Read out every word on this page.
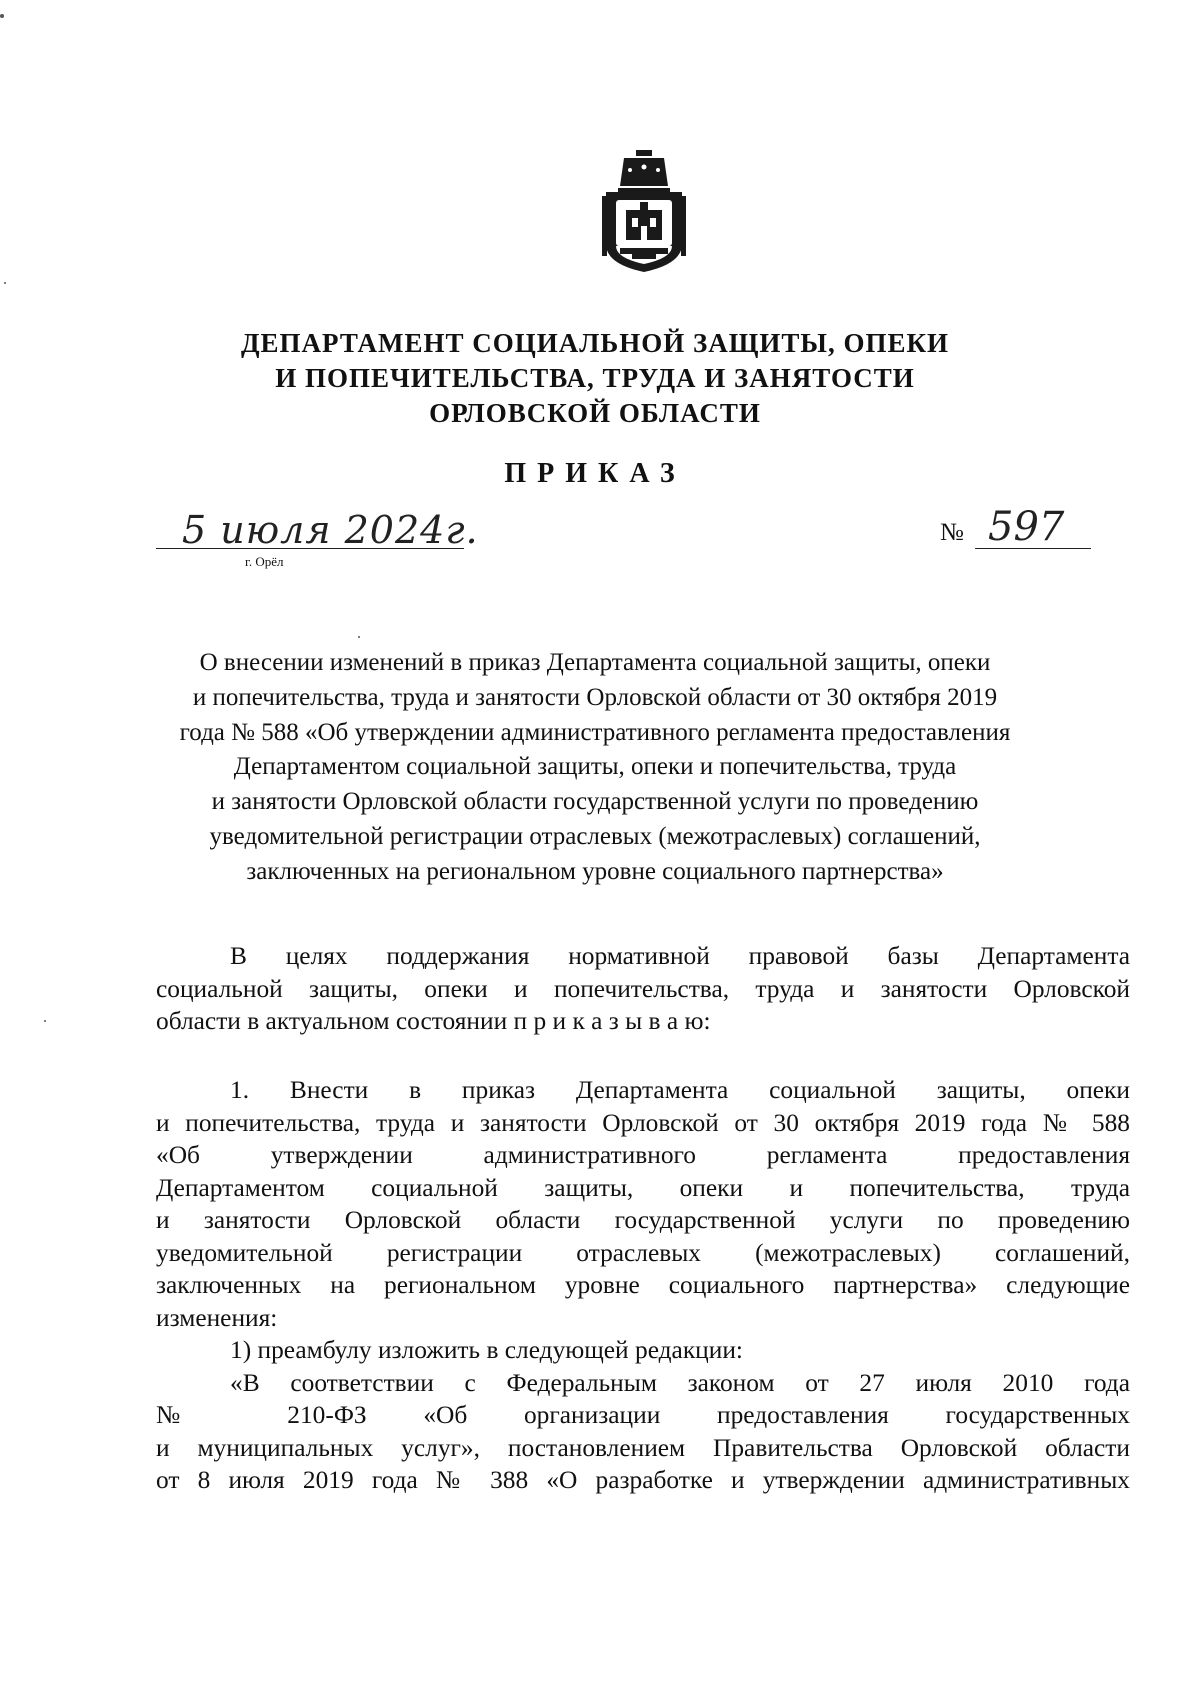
ДЕПАРТАМЕНТ СОЦИАЛЬНОЙ ЗАЩИТЫ, ОПЕКИ
И ПОПЕЧИТЕЛЬСТВА, ТРУДА И ЗАНЯТОСТИ
ОРЛОВСКОЙ ОБЛАСТИ
ПРИКАЗ
5 июля 2024г.
г. Орёл
№ 597
О внесении изменений в приказ Департамента социальной защиты, опеки
и попечительства, труда и занятости Орловской области от 30 октября 2019
года № 588 «Об утверждении административного регламента предоставления
Департаментом социальной защиты, опеки и попечительства, труда
и занятости Орловской области государственной услуги по проведению
уведомительной регистрации отраслевых (межотраслевых) соглашений,
заключенных на региональном уровне социального партнерства»
В целях поддержания нормативной правовой базы Департамента
социальной защиты, опеки и попечительства, труда и занятости Орловской
области в актуальном состоянии п р и к а з ы в а ю:
1. Внести в приказ Департамента социальной защиты, опеки
и попечительства, труда и занятости Орловской от 30 октября 2019 года № 588
«Об утверждении административного регламента предоставления
Департаментом социальной защиты, опеки и попечительства, труда
и занятости Орловской области государственной услуги по проведению
уведомительной регистрации отраслевых (межотраслевых) соглашений,
заключенных на региональном уровне социального партнерства» следующие
изменения:
1) преамбулу изложить в следующей редакции:
«В соответствии с Федеральным законом от 27 июля 2010 года
№ 210-ФЗ «Об организации предоставления государственных
и муниципальных услуг», постановлением Правительства Орловской области
от 8 июля 2019 года № 388 «О разработке и утверждении административных
